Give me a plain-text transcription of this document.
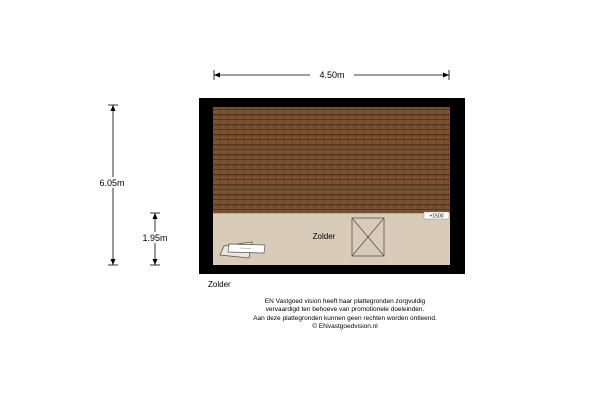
4.50m
6.05m
1.95m
+1500
Zolder
Zolder
EN Vastgoed vision heeft haar plattegronden zorgvuldig
vervaardigd ten behoeve van promotionele doeleinden.
Aan deze plattegronden kunnen geen rechten worden ontleend.
© ENvastgoedvision.nl
